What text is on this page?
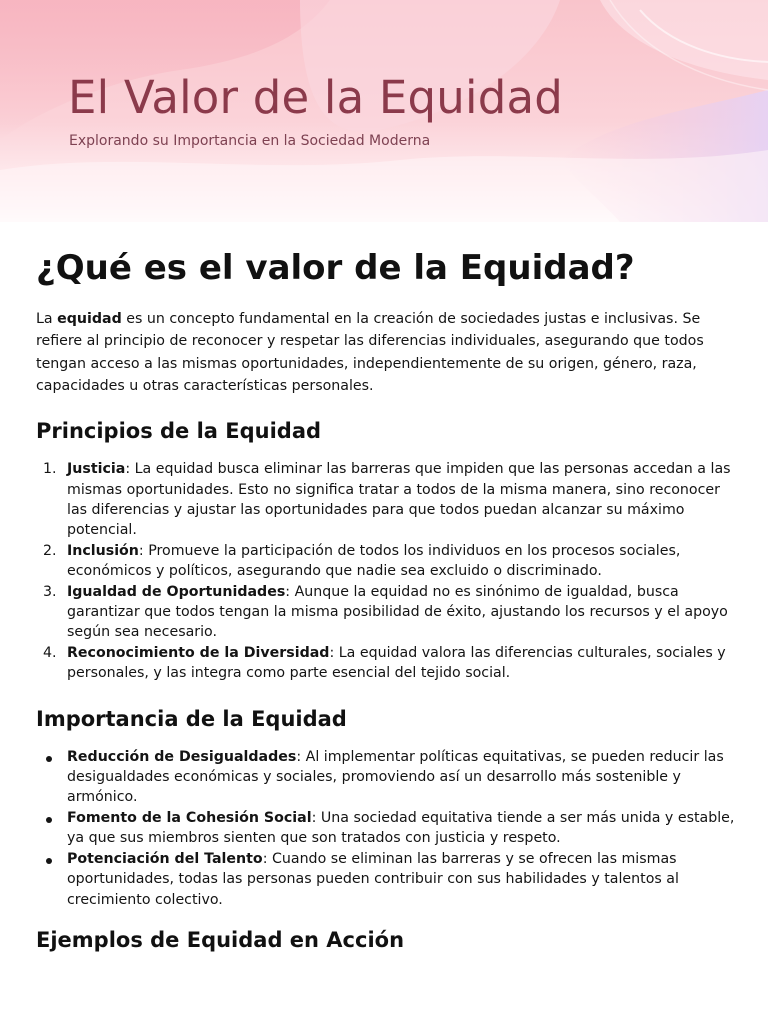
El Valor de la Equidad

Explorando su Importancia en la Sociedad Moderna

¿Qué es el valor de la Equidad?

La equidad es un concepto fundamental en la creación de sociedades justas e inclusivas. Se refiere al principio de reconocer y respetar las diferencias individuales, asegurando que todos tengan acceso a las mismas oportunidades, independientemente de su origen, género, raza, capacidades u otras características personales.

Principios de la Equidad
1. Justicia: La equidad busca eliminar las barreras que impiden que las personas accedan a las mismas oportunidades. Esto no significa tratar a todos de la misma manera, sino reconocer las diferencias y ajustar las oportunidades para que todos puedan alcanzar su máximo potencial.
2. Inclusión: Promueve la participación de todos los individuos en los procesos sociales, económicos y políticos, asegurando que nadie sea excluido o discriminado.
3. Igualdad de Oportunidades: Aunque la equidad no es sinónimo de igualdad, busca garantizar que todos tengan la misma posibilidad de éxito, ajustando los recursos y el apoyo según sea necesario.
4. Reconocimiento de la Diversidad: La equidad valora las diferencias culturales, sociales y personales, y las integra como parte esencial del tejido social.
Importancia de la Equidad
Reducción de Desigualdades: Al implementar políticas equitativas, se pueden reducir las desigualdades económicas y sociales, promoviendo así un desarrollo más sostenible y armónico.
Fomento de la Cohesión Social: Una sociedad equitativa tiende a ser más unida y estable, ya que sus miembros sienten que son tratados con justicia y respeto.
Potenciación del Talento: Cuando se eliminan las barreras y se ofrecen las mismas oportunidades, todas las personas pueden contribuir con sus habilidades y talentos al crecimiento colectivo.
Ejemplos de Equidad en Acción
